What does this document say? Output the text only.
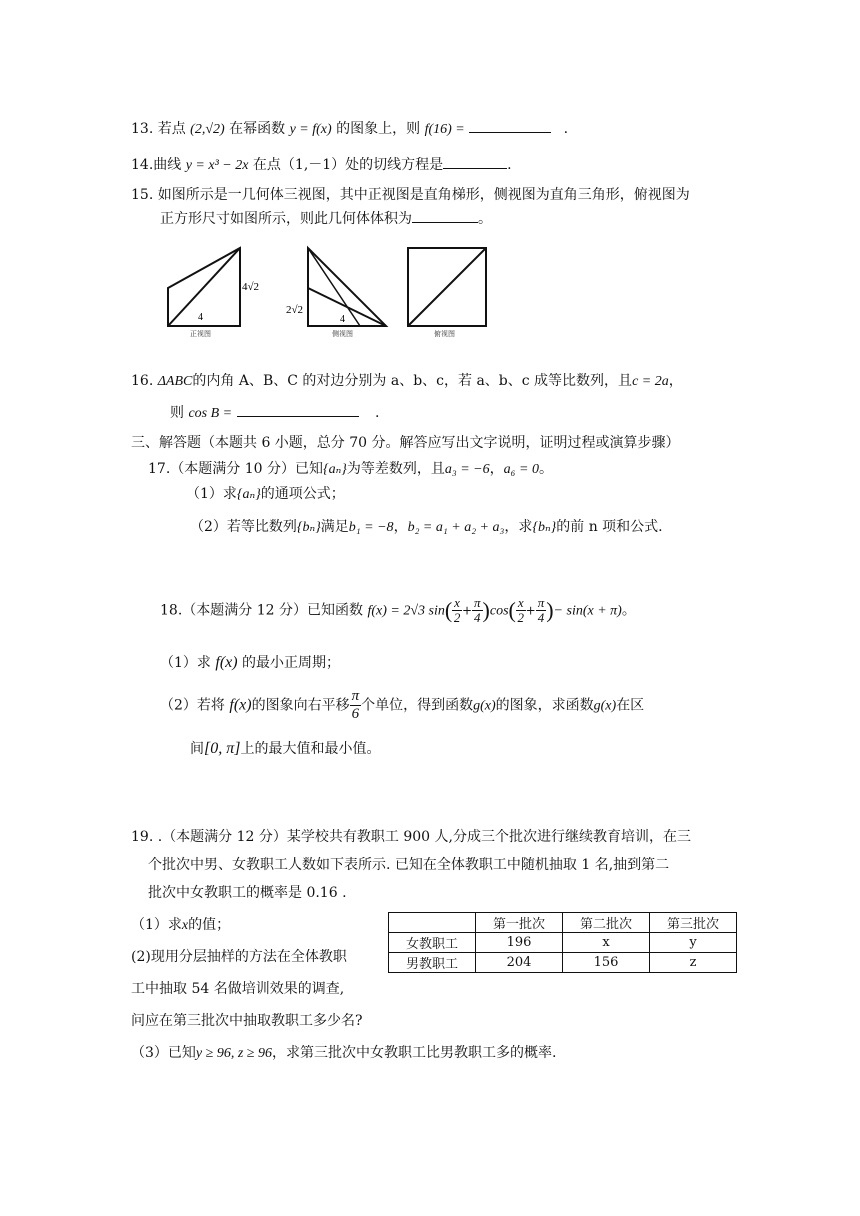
13. 若点 (2,√2) 在幂函数 y = f(x) 的图象上，则 f(16) =	.
14.曲线 y = x³ − 2x 在点（1,－1）处的切线方程是	.
15. 如图所示是一几何体三视图，其中正视图是直角梯形，侧视图为直角三角形，俯视图为
正方形尺寸如图所示，则此几何体体积为	。
4√2
4
正视图
2√2
4
侧视图	俯视图
16. ΔABC的内角 A、B、C 的对边分别为 a、b、c，若 a、b、c 成等比数列，且c = 2a，
则 cos B =	.
三、解答题（本题共 6 小题，总分 70 分。解答应写出文字说明，证明过程或演算步骤）
17.（本题满分 10 分）已知{aₙ}为等差数列，且a₃ = −6，a₆ = 0。
（1）求{aₙ}的通项公式；
（2）若等比数列{bₙ}满足b₁ = −8，b₂ = a₁ + a₂ + a₃，求{bₙ}的前 n 项和公式.
18.（本题满分 12 分）已知函数 f(x) = 2√3 $\sin( \frac{x}{2} + \frac{\pi}{4} )\cos( \frac{x}{2} + \frac{\pi}{4}$ )− sin(x + π)。
（1）求 f(x) 的最小正周期；
（2）若将 f(x)的图象向右平移 $\frac{\pi}{6}$ 个单位，得到函数g(x)的图象，求函数g(x)在区
间[0, π]上的最大值和最小值。
19. .（本题满分 12 分）某学校共有教职工 900 人,分成三个批次进行继续教育培训，在三
个批次中男、女教职工人数如下表所示. 已知在全体教职工中随机抽取 1 名,抽到第二
批次中女教职工的概率是 0.16 .
（1）求x的值；
(2)现用分层抽样的方法在全体教职
工中抽取 54 名做培训效果的调查,
问应在第三批次中抽取教职工多少名?
（3）已知y ≥ 96, z ≥ 96，求第三批次中女教职工比男教职工多的概率.
	第一批次	第二批次	第三批次
女教职工	196	x	y
男教职工	204	156	z
